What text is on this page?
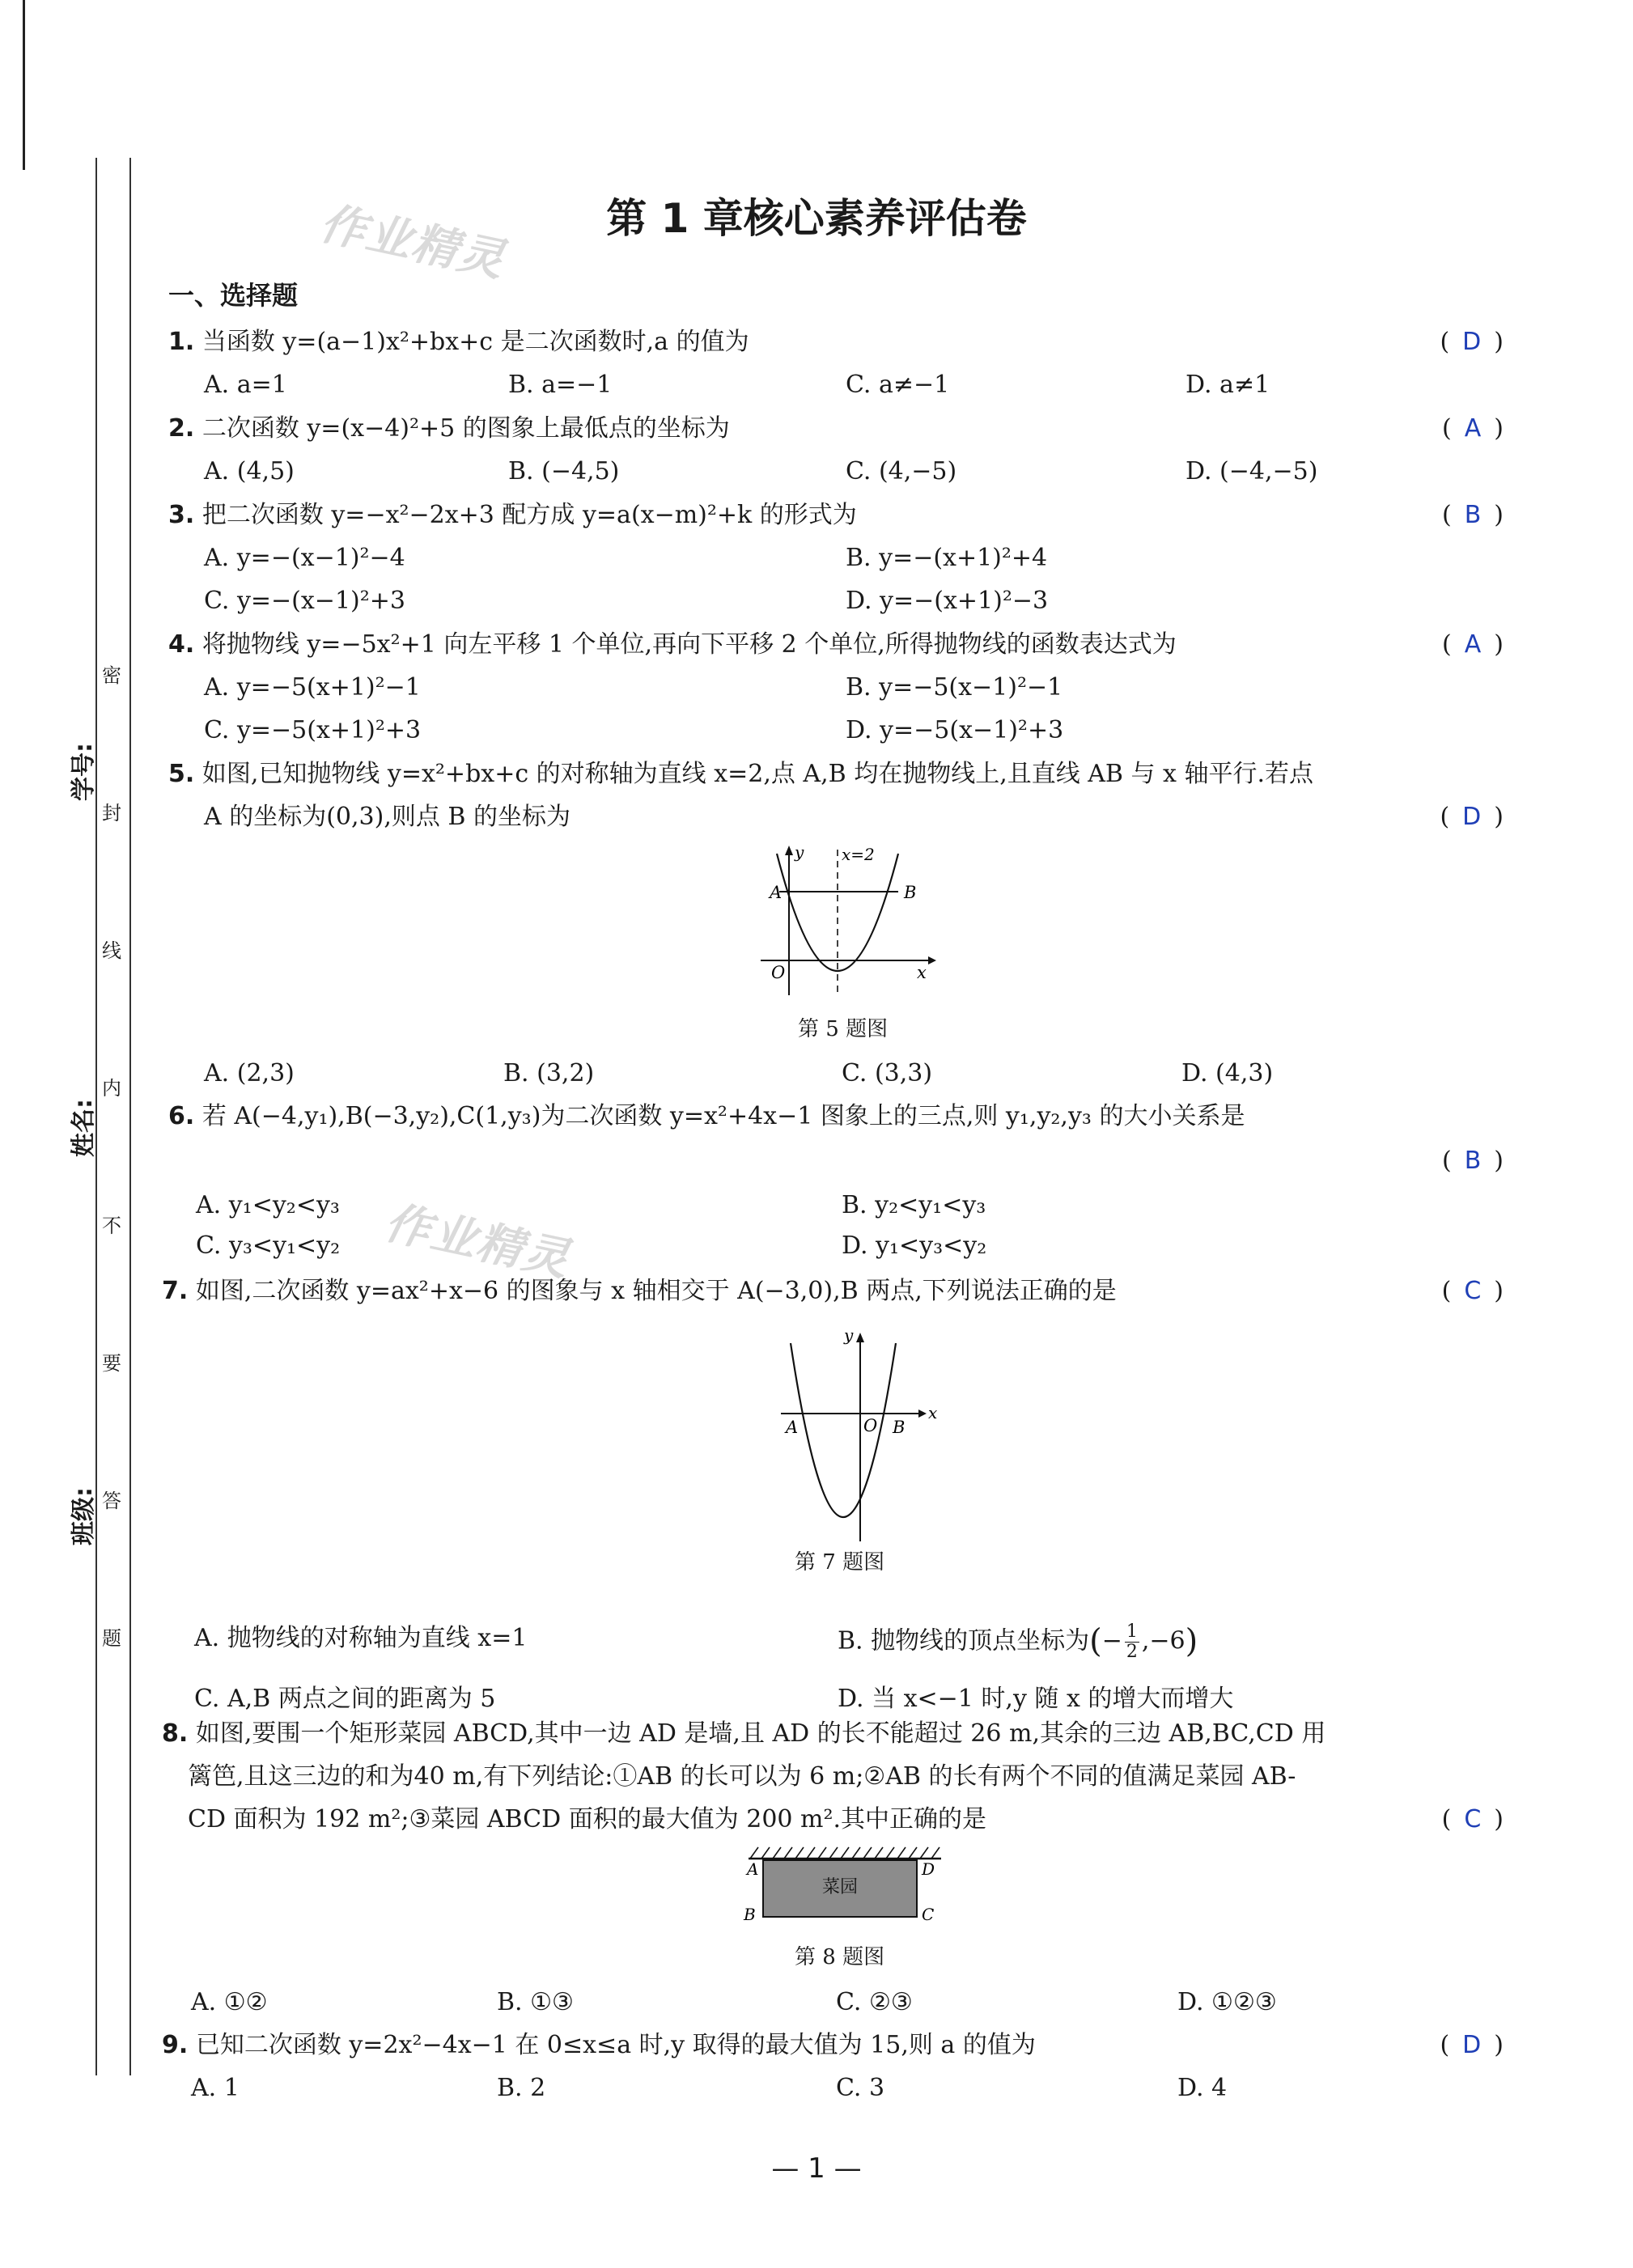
学号:
姓名:
班级:
密
封
线
内
不
要
答
题
作业精灵
作业精灵
第 1 章核心素养评估卷
一、选择题
1. 当函数 y=(a−1)x²+bx+c 是二次函数时,a 的值为	( D )
A. a=1	B. a=−1	C. a≠−1	D. a≠1
2. 二次函数 y=(x−4)²+5 的图象上最低点的坐标为	( A )
A. (4,5)	B. (−4,5)	C. (4,−5)	D. (−4,−5)
3. 把二次函数 y=−x²−2x+3 配方成 y=a(x−m)²+k 的形式为	( B )
A. y=−(x−1)²−4	B. y=−(x+1)²+4
C. y=−(x−1)²+3	D. y=−(x+1)²−3
4. 将抛物线 y=−5x²+1 向左平移 1 个单位,再向下平移 2 个单位,所得抛物线的函数表达式为	( A )
A. y=−5(x+1)²−1	B. y=−5(x−1)²−1
C. y=−5(x+1)²+3	D. y=−5(x−1)²+3
5. 如图,已知抛物线 y=x²+bx+c 的对称轴为直线 x=2,点 A,B 均在抛物线上,且直线 AB 与 x 轴平行.若点
A 的坐标为(0,3),则点 B 的坐标为	( D )
y x=2
A	B
O	x
第 5 题图
A. (2,3)	B. (3,2)	C. (3,3)	D. (4,3)
6. 若 A(−4,y₁),B(−3,y₂),C(1,y₃)为二次函数 y=x²+4x−1 图象上的三点,则 y₁,y₂,y₃ 的大小关系是
( B )
A. y₁<y₂<y₃	B. y₂<y₁<y₃
C. y₃<y₁<y₂	D. y₁<y₃<y₂
7. 如图,二次函数 y=ax²+x−6 的图象与 x 轴相交于 A(−3,0),B 两点,下列说法正确的是	( C )
y
A	O B
x
第 7 题图
A. 抛物线的对称轴为直线 x=1	B. 抛物线的顶点坐标为(− $\frac{1}{2} ,-6$)
C. A,B 两点之间的距离为 5	D. 当 x<−1 时,y 随 x 的增大而增大
8. 如图,要围一个矩形菜园 ABCD,其中一边 AD 是墙,且 AD 的长不能超过 26 m,其余的三边 AB,BC,CD 用
篱笆,且这三边的和为40 m,有下列结论:①AB 的长可以为 6 m;②AB 的长有两个不同的值满足菜园 AB-
CD 面积为 192 m²;③菜园 ABCD 面积的最大值为 200 m².其中正确的是	( C )
菜园
A
B	C
D
第 8 题图
A. ①②	B. ①③	C. ②③	D. ①②③
9. 已知二次函数 y=2x²−4x−1 在 0≤x≤a 时,y 取得的最大值为 15,则 a 的值为	( D )
A. 1	B. 2	C. 3	D. 4
— 1 —
